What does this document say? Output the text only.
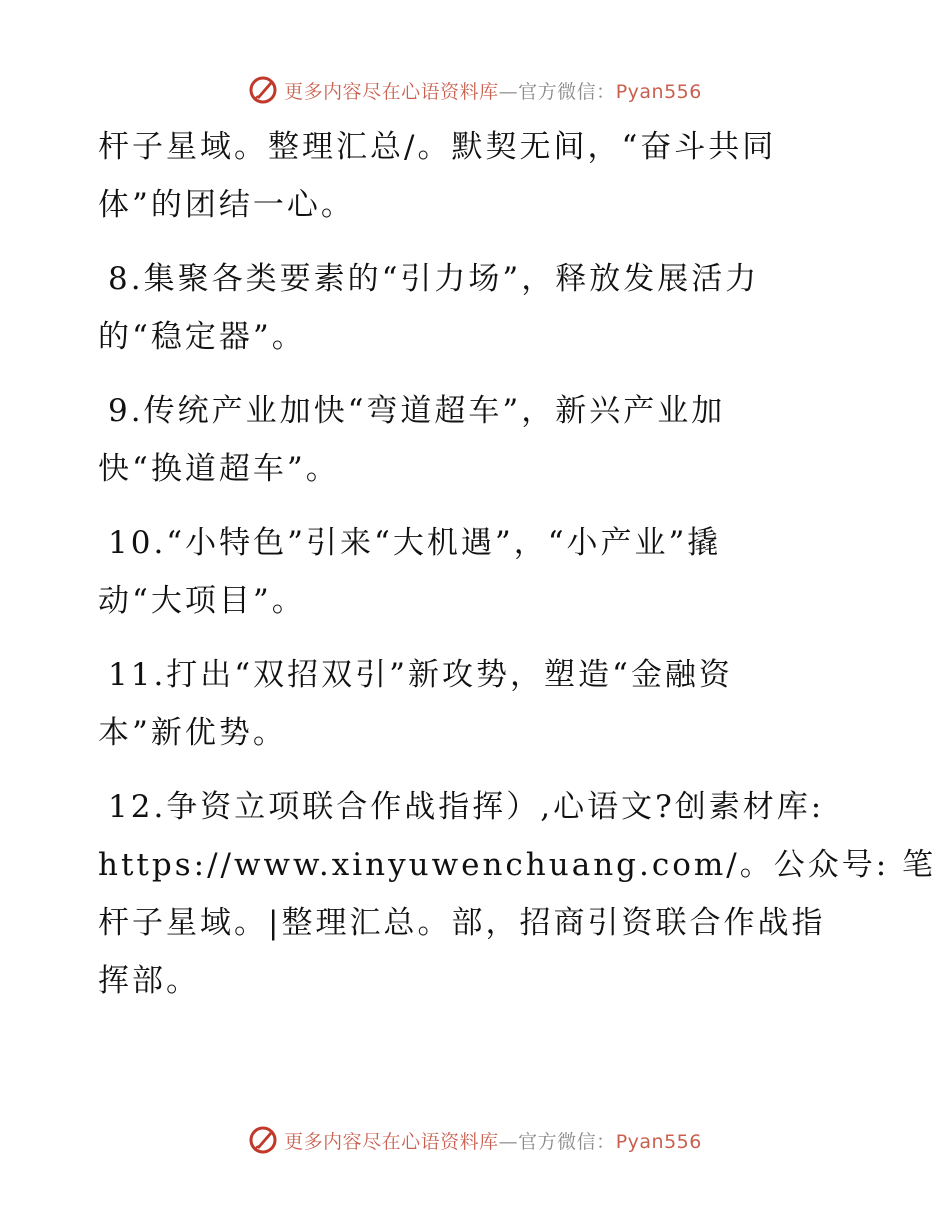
更多内容尽在心语资料库—官方微信：Pyan556
杆子星域。整理汇总/。默契无间，“奋斗共同
体”的团结一心。
8.集聚各类要素的“引力场”，释放发展活力
的“稳定器”。
9.传统产业加快“弯道超车”，新兴产业加
快“换道超车”。
10.“小特色”引来“大机遇”，“小产业”撬
动“大项目”。
11.打出“双招双引”新攻势，塑造“金融资
本”新优势。
12.争资立项联合作战指挥）,心语文?创素材库:
https://www.xinyuwenchuang.com/。公众号: 笔
杆子星域。|整理汇总。部，招商引资联合作战指
挥部。
更多内容尽在心语资料库—官方微信：Pyan556
